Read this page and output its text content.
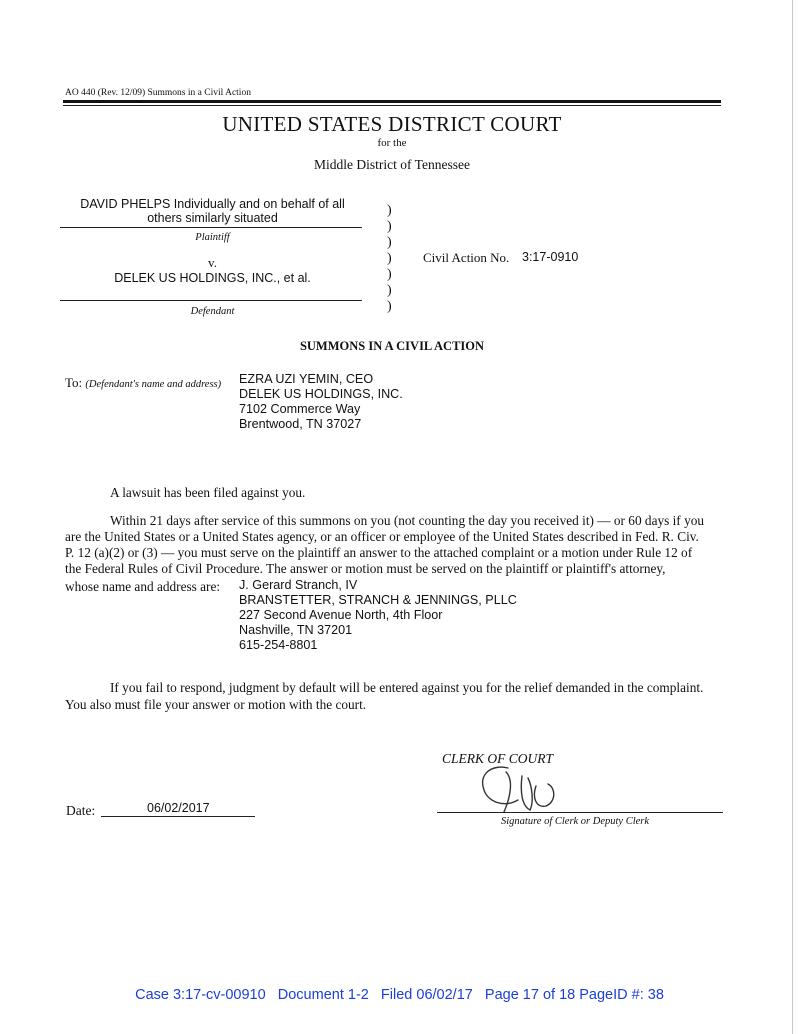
AO 440 (Rev. 12/09) Summons in a Civil Action
UNITED STATES DISTRICT COURT
for the
Middle District of Tennessee
DAVID PHELPS Individually and on behalf of all
others similarly situated
Plaintiff
v.
DELEK US HOLDINGS, INC., et al.
Defendant
)
)
)
)
)
)
)
Civil Action No. 3:17-0910
SUMMONS IN A CIVIL ACTION
To: (Defendant's name and address) EZRA UZI YEMIN, CEO
DELEK US HOLDINGS, INC.
7102 Commerce Way
Brentwood, TN 37027
A lawsuit has been filed against you.
Within 21 days after service of this summons on you (not counting the day you received it) — or 60 days if you
are the United States or a United States agency, or an officer or employee of the United States described in Fed. R. Civ.
P. 12 (a)(2) or (3) — you must serve on the plaintiff an answer to the attached complaint or a motion under Rule 12 of
the Federal Rules of Civil Procedure. The answer or motion must be served on the plaintiff or plaintiff's attorney,
whose name and address are: J. Gerard Stranch, IV
BRANSTETTER, STRANCH & JENNINGS, PLLC
227 Second Avenue North, 4th Floor
Nashville, TN 37201
615-254-8801
If you fail to respond, judgment by default will be entered against you for the relief demanded in the complaint.
You also must file your answer or motion with the court.
CLERK OF COURT
Signature of Clerk or Deputy Clerk
Date:	06/02/2017
Case 3:17-cv-00910   Document 1-2   Filed 06/02/17   Page 17 of 18 PageID #: 38
